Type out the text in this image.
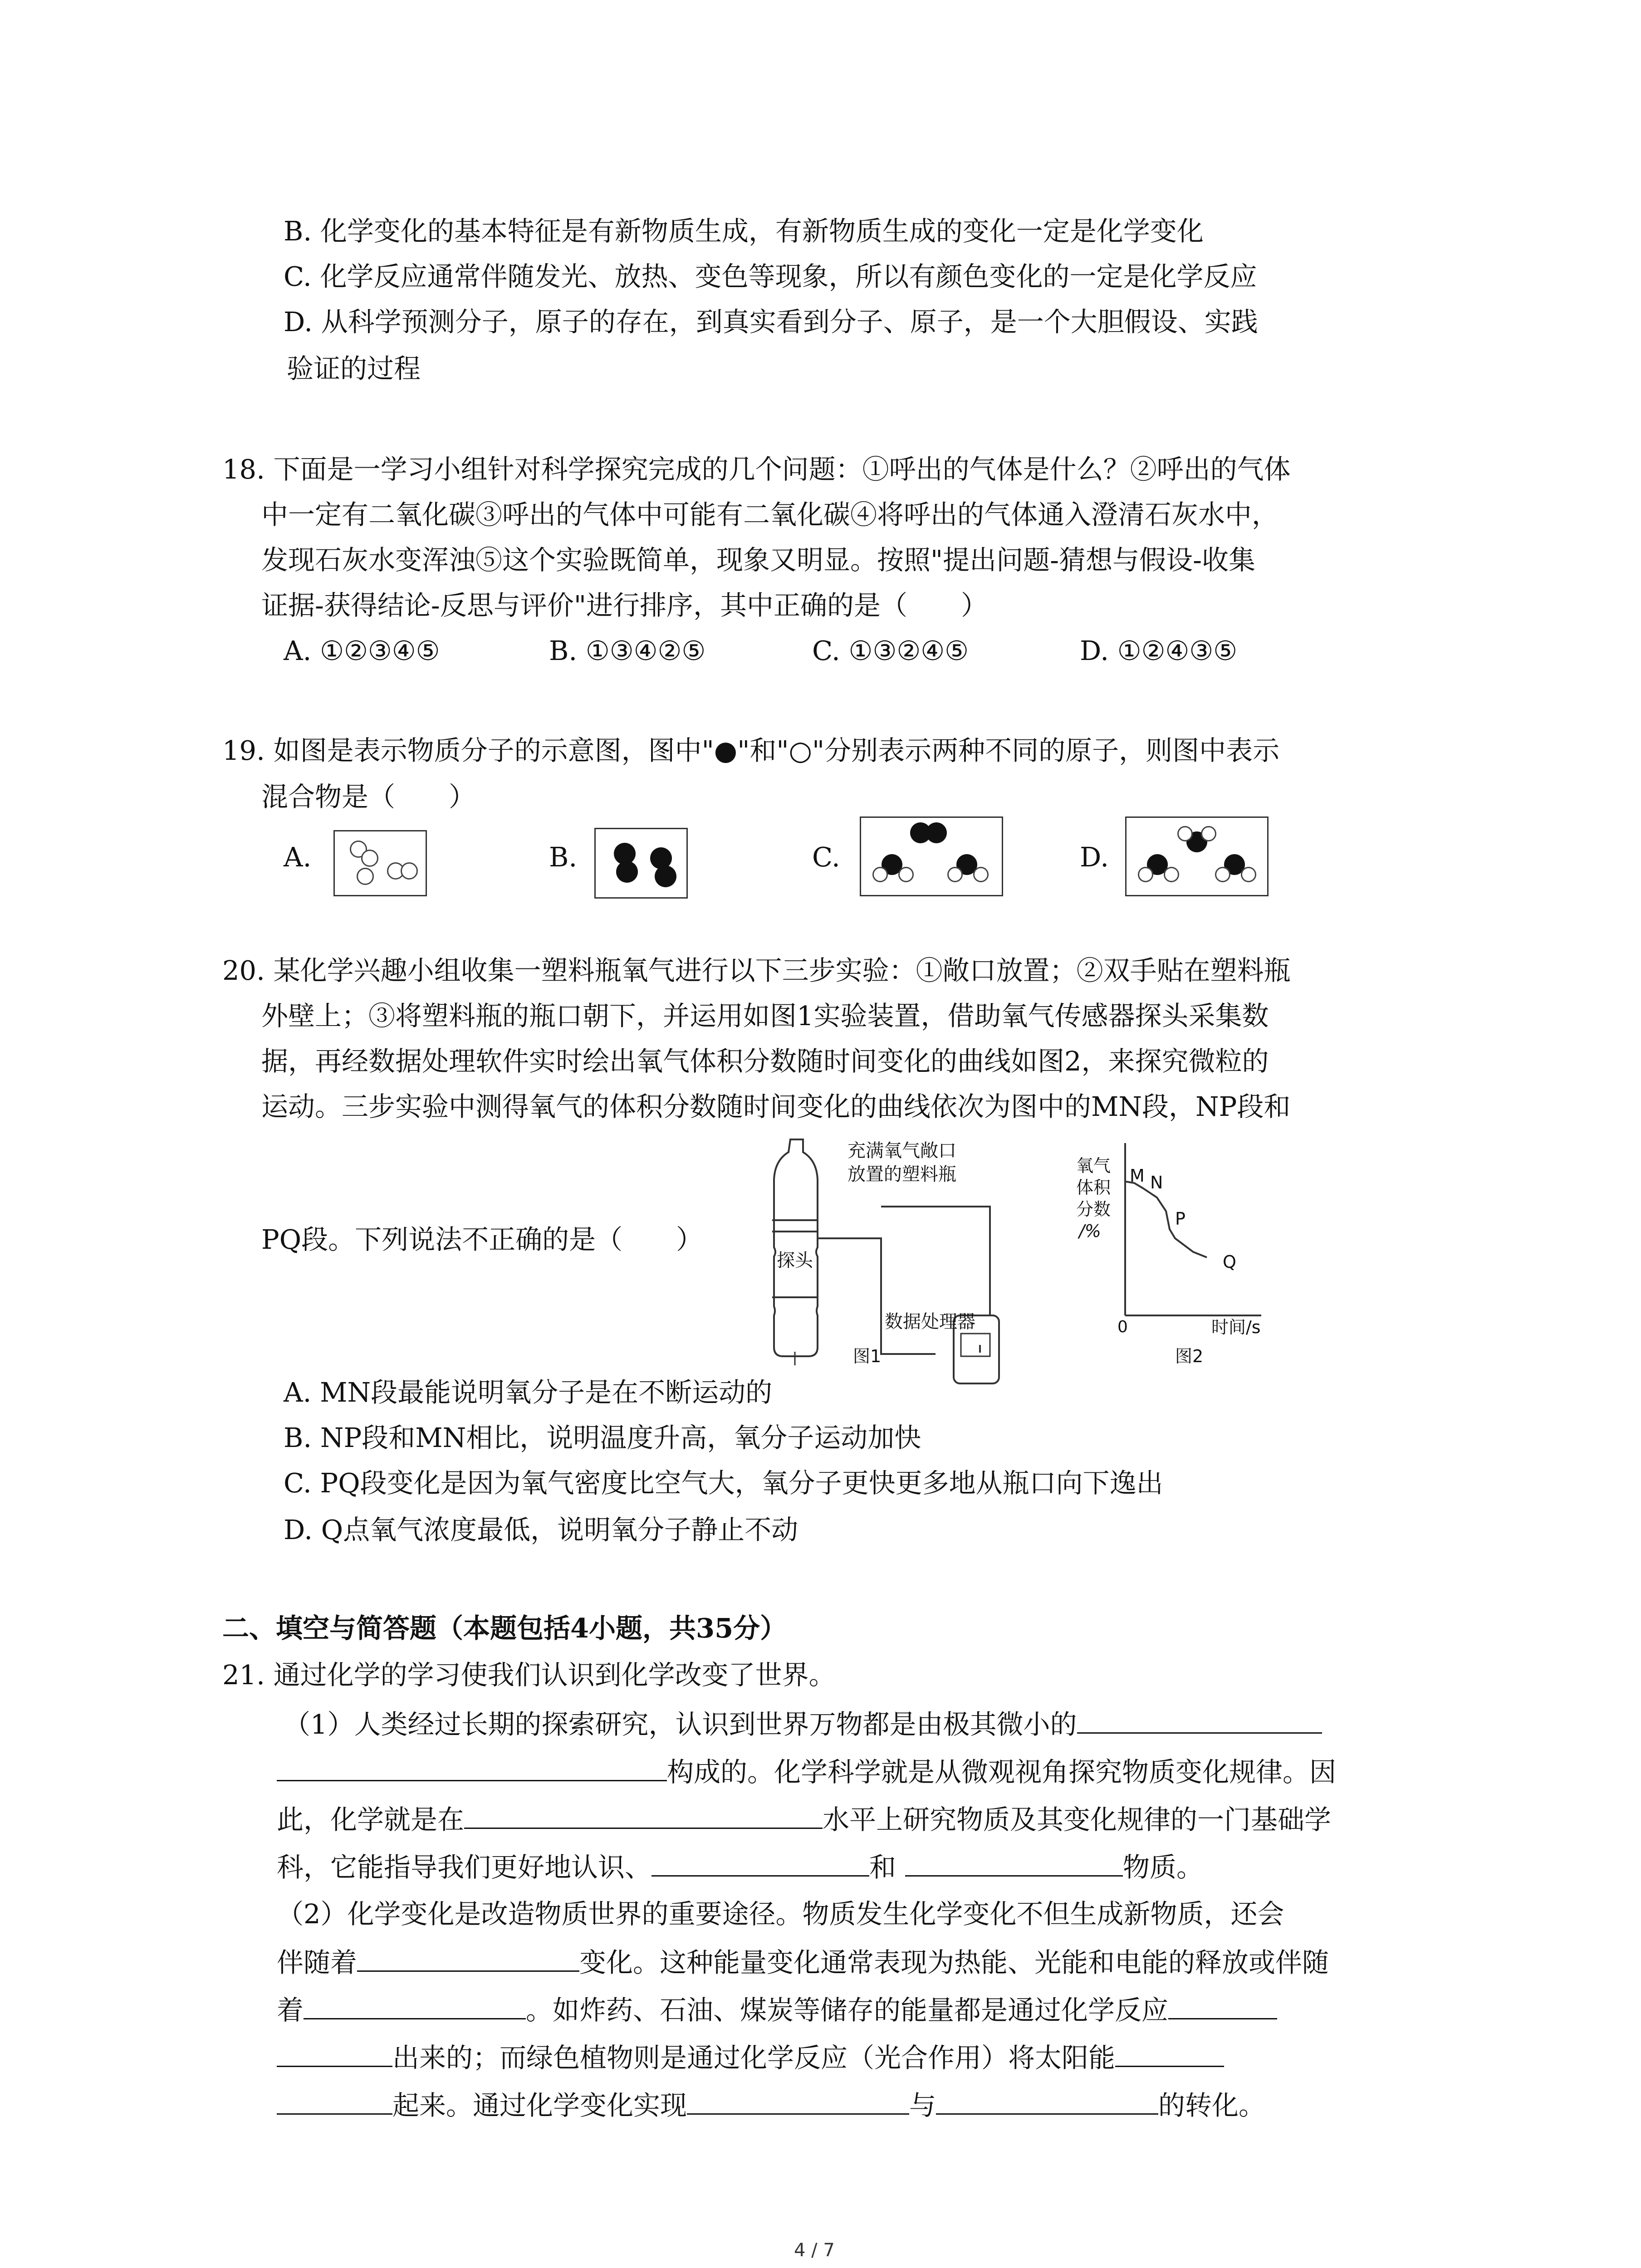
B. 化学变化的基本特征是有新物质生成，有新物质生成的变化一定是化学变化
C. 化学反应通常伴随发光、放热、变色等现象，所以有颜色变化的一定是化学反应
D. 从科学预测分子，原子的存在，到真实看到分子、原子，是一个大胆假设、实践
验证的过程
18. 下面是一学习小组针对科学探究完成的几个问题：①呼出的气体是什么？②呼出的气体
中一定有二氧化碳③呼出的气体中可能有二氧化碳④将呼出的气体通入澄清石灰水中，
发现石灰水变浑浊⑤这个实验既简单，现象又明显。按照"提出问题-猜想与假设-收集
证据-获得结论-反思与评价"进行排序，其中正确的是（　　）
A. ①②③④⑤	B. ①③④②⑤	C. ①③②④⑤	D. ①②④③⑤
19. 如图是表示物质分子的示意图，图中"●"和"○"分别表示两种不同的原子，则图中表示
混合物是（　　）
A.	B.	C.	D.
20. 某化学兴趣小组收集一塑料瓶氧气进行以下三步实验：①敞口放置；②双手贴在塑料瓶
外壁上；③将塑料瓶的瓶口朝下，并运用如图1实验装置，借助氧气传感器探头采集数
据，再经数据处理软件实时绘出氧气体积分数随时间变化的曲线如图2，来探究微粒的
运动。三步实验中测得氧气的体积分数随时间变化的曲线依次为图中的MN段，NP段和
PQ段。下列说法不正确的是（　　）
充满氧气敞口
放置的塑料瓶
探头
数据处理器
图1
氧气
体积
分数
/%
M N
P
Q
0	时间/s
图2
A. MN段最能说明氧分子是在不断运动的
B. NP段和MN相比，说明温度升高，氧分子运动加快
C. PQ段变化是因为氧气密度比空气大，氧分子更快更多地从瓶口向下逸出
D. Q点氧气浓度最低，说明氧分子静止不动
二、填空与简答题（本题包括4小题，共35分）
21. 通过化学的学习使我们认识到化学改变了世界。
（1）人类经过长期的探索研究，认识到世界万物都是由极其微小的
构成的。化学科学就是从微观视角探究物质变化规律。因
此，化学就是在	水平上研究物质及其变化规律的一门基础学
科，它能指导我们更好地认识、	和	物质。
（2）化学变化是改造物质世界的重要途径。物质发生化学变化不但生成新物质，还会
伴随着	变化。这种能量变化通常表现为热能、光能和电能的释放或伴随
着	。如炸药、石油、煤炭等储存的能量都是通过化学反应
出来的；而绿色植物则是通过化学反应（光合作用）将太阳能
起来。通过化学变化实现	与	的转化。
4 / 7
